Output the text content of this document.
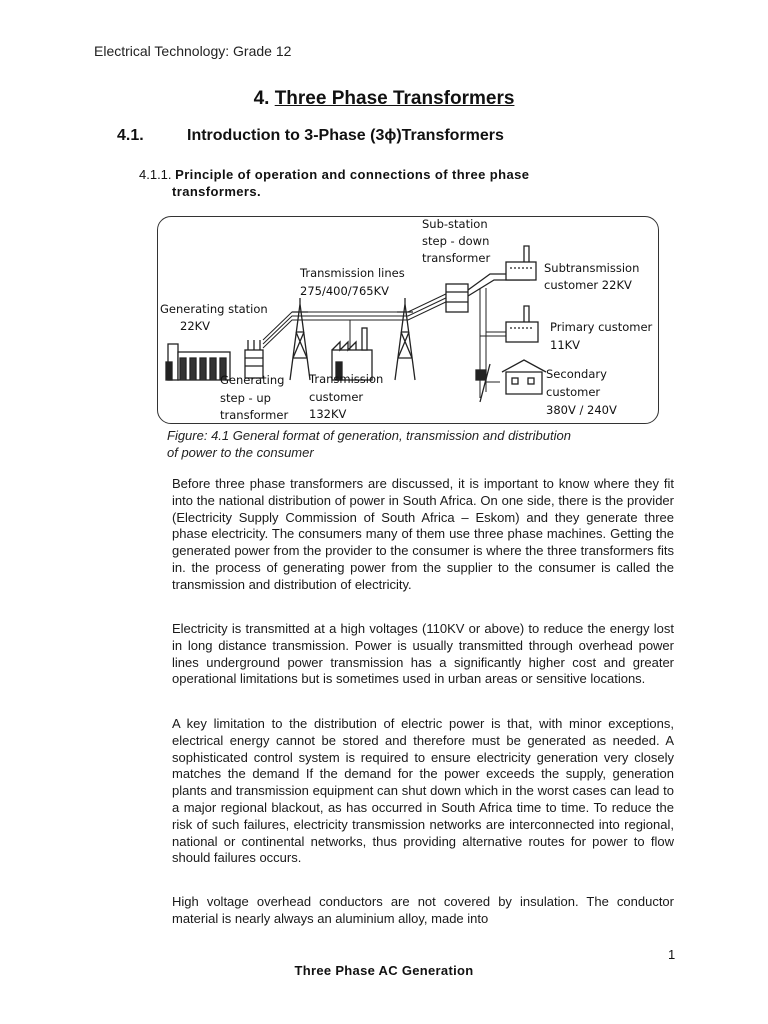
Electrical Technology: Grade 12
4. Three Phase Transformers
4.1.	Introduction to 3-Phase (3ϕ)Transformers
4.1.1. Principle of operation and connections of three phase
transformers.
Sub-station
step - down
transformer
Transmission lines
275/400/765KV
Generating station
22KV
Subtransmission
customer 22KV
Primary customer
11KV
Secondary
customer
380V / 240V
Generating
step - up
transformer
Transmission
customer
132KV
Figure: 4.1 General format of generation, transmission and distribution
of power to the consumer
Before three phase transformers are discussed, it is important to know where they fit into the national distribution of power in South Africa. On one side, there is the provider (Electricity Supply Commission of South Africa – Eskom) and they generate three phase electricity. The consumers many of them use three phase machines. Getting the generated power from the provider to the consumer is where the three transformers fits in. the process of generating power from the supplier to the consumer is called the transmission and distribution of electricity.
Electricity is transmitted at a high voltages (110KV or above) to reduce the energy lost in long distance transmission. Power is usually transmitted through overhead power lines underground power transmission has a significantly higher cost and greater operational limitations but is sometimes used in urban areas or sensitive locations.
A key limitation to the distribution of electric power is that, with minor exceptions, electrical energy cannot be stored and therefore must be generated as needed. A sophisticated control system is required to ensure electricity generation very closely matches the demand If the demand for the power exceeds the supply, generation plants and transmission equipment can shut down which in the worst cases can lead to a major regional blackout, as has occurred in South Africa time to time. To reduce the risk of such failures, electricity transmission networks are interconnected into regional, national or continental networks, thus providing alternative routes for power to flow should failures occurs.
High voltage overhead conductors are not covered by insulation. The conductor material is nearly always an aluminium alloy, made into
1
Three Phase AC Generation
